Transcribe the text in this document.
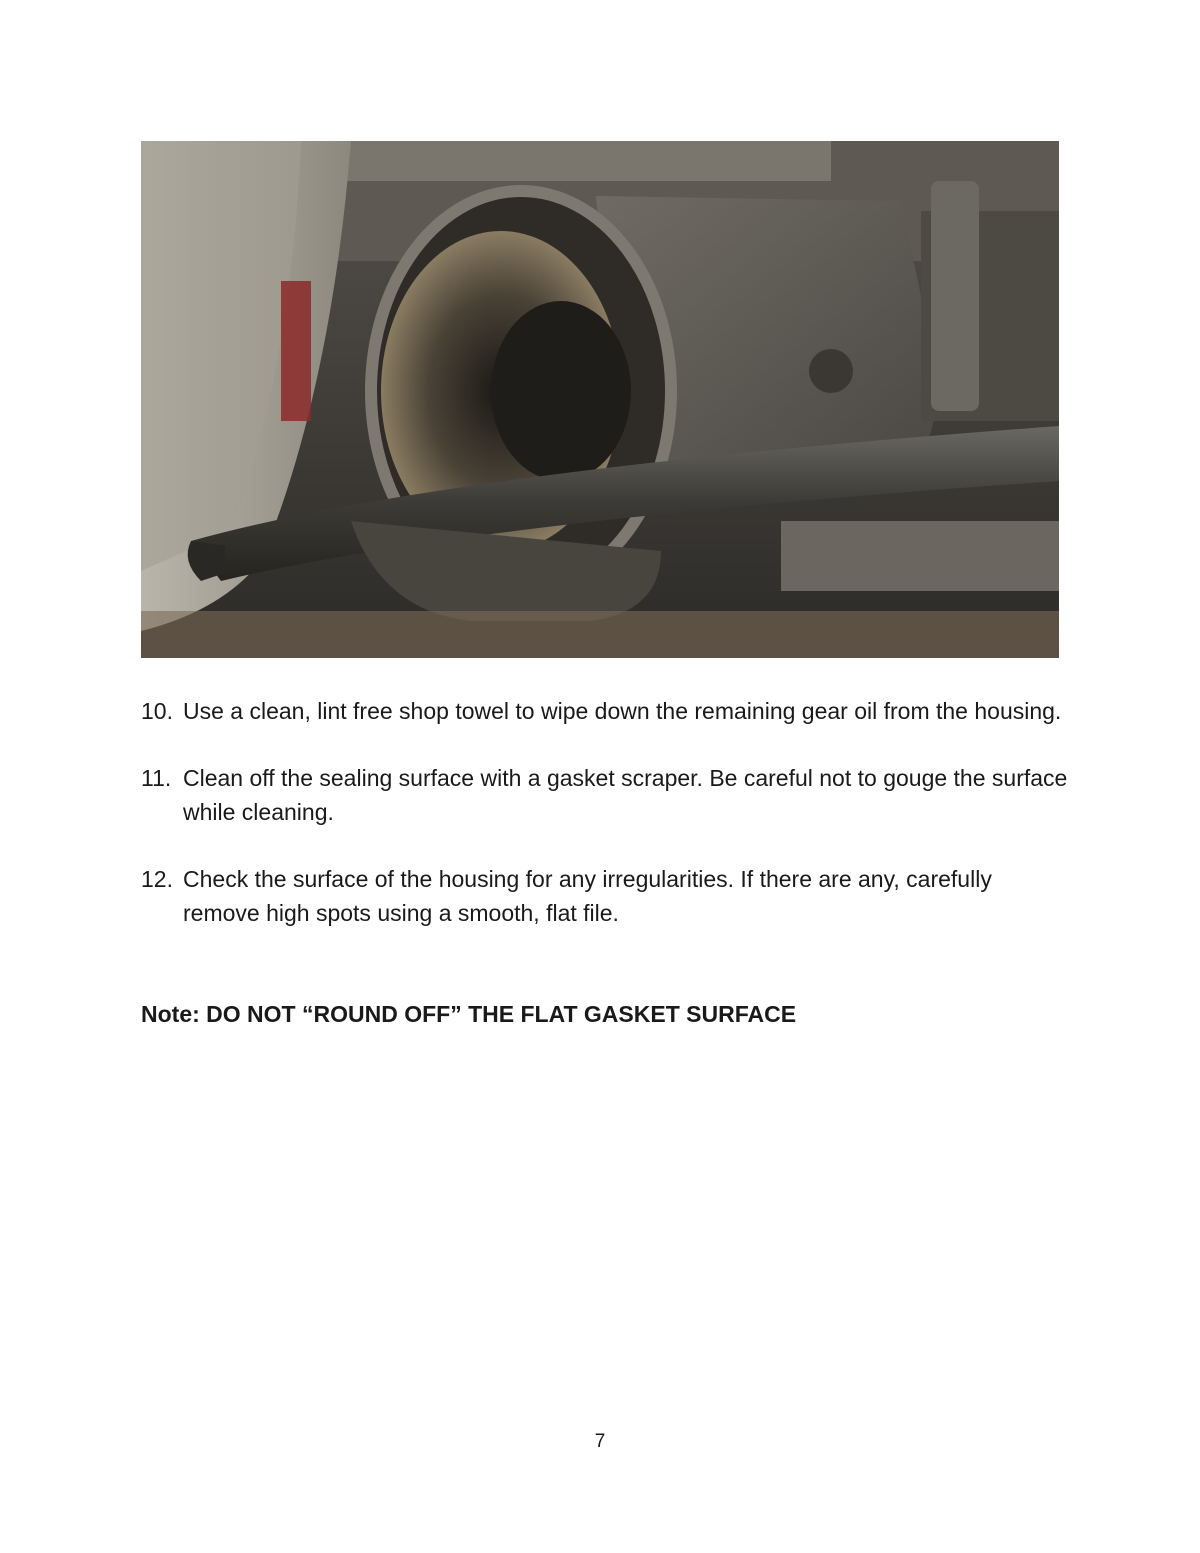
10. Use a clean, lint free shop towel to wipe down the remaining gear oil from the housing.
11. Clean off the sealing surface with a gasket scraper. Be careful not to gouge the surface while cleaning.
12. Check the surface of the housing for any irregularities. If there are any, carefully remove high spots using a smooth, flat file.

Note: DO NOT “ROUND OFF” THE FLAT GASKET SURFACE

7
